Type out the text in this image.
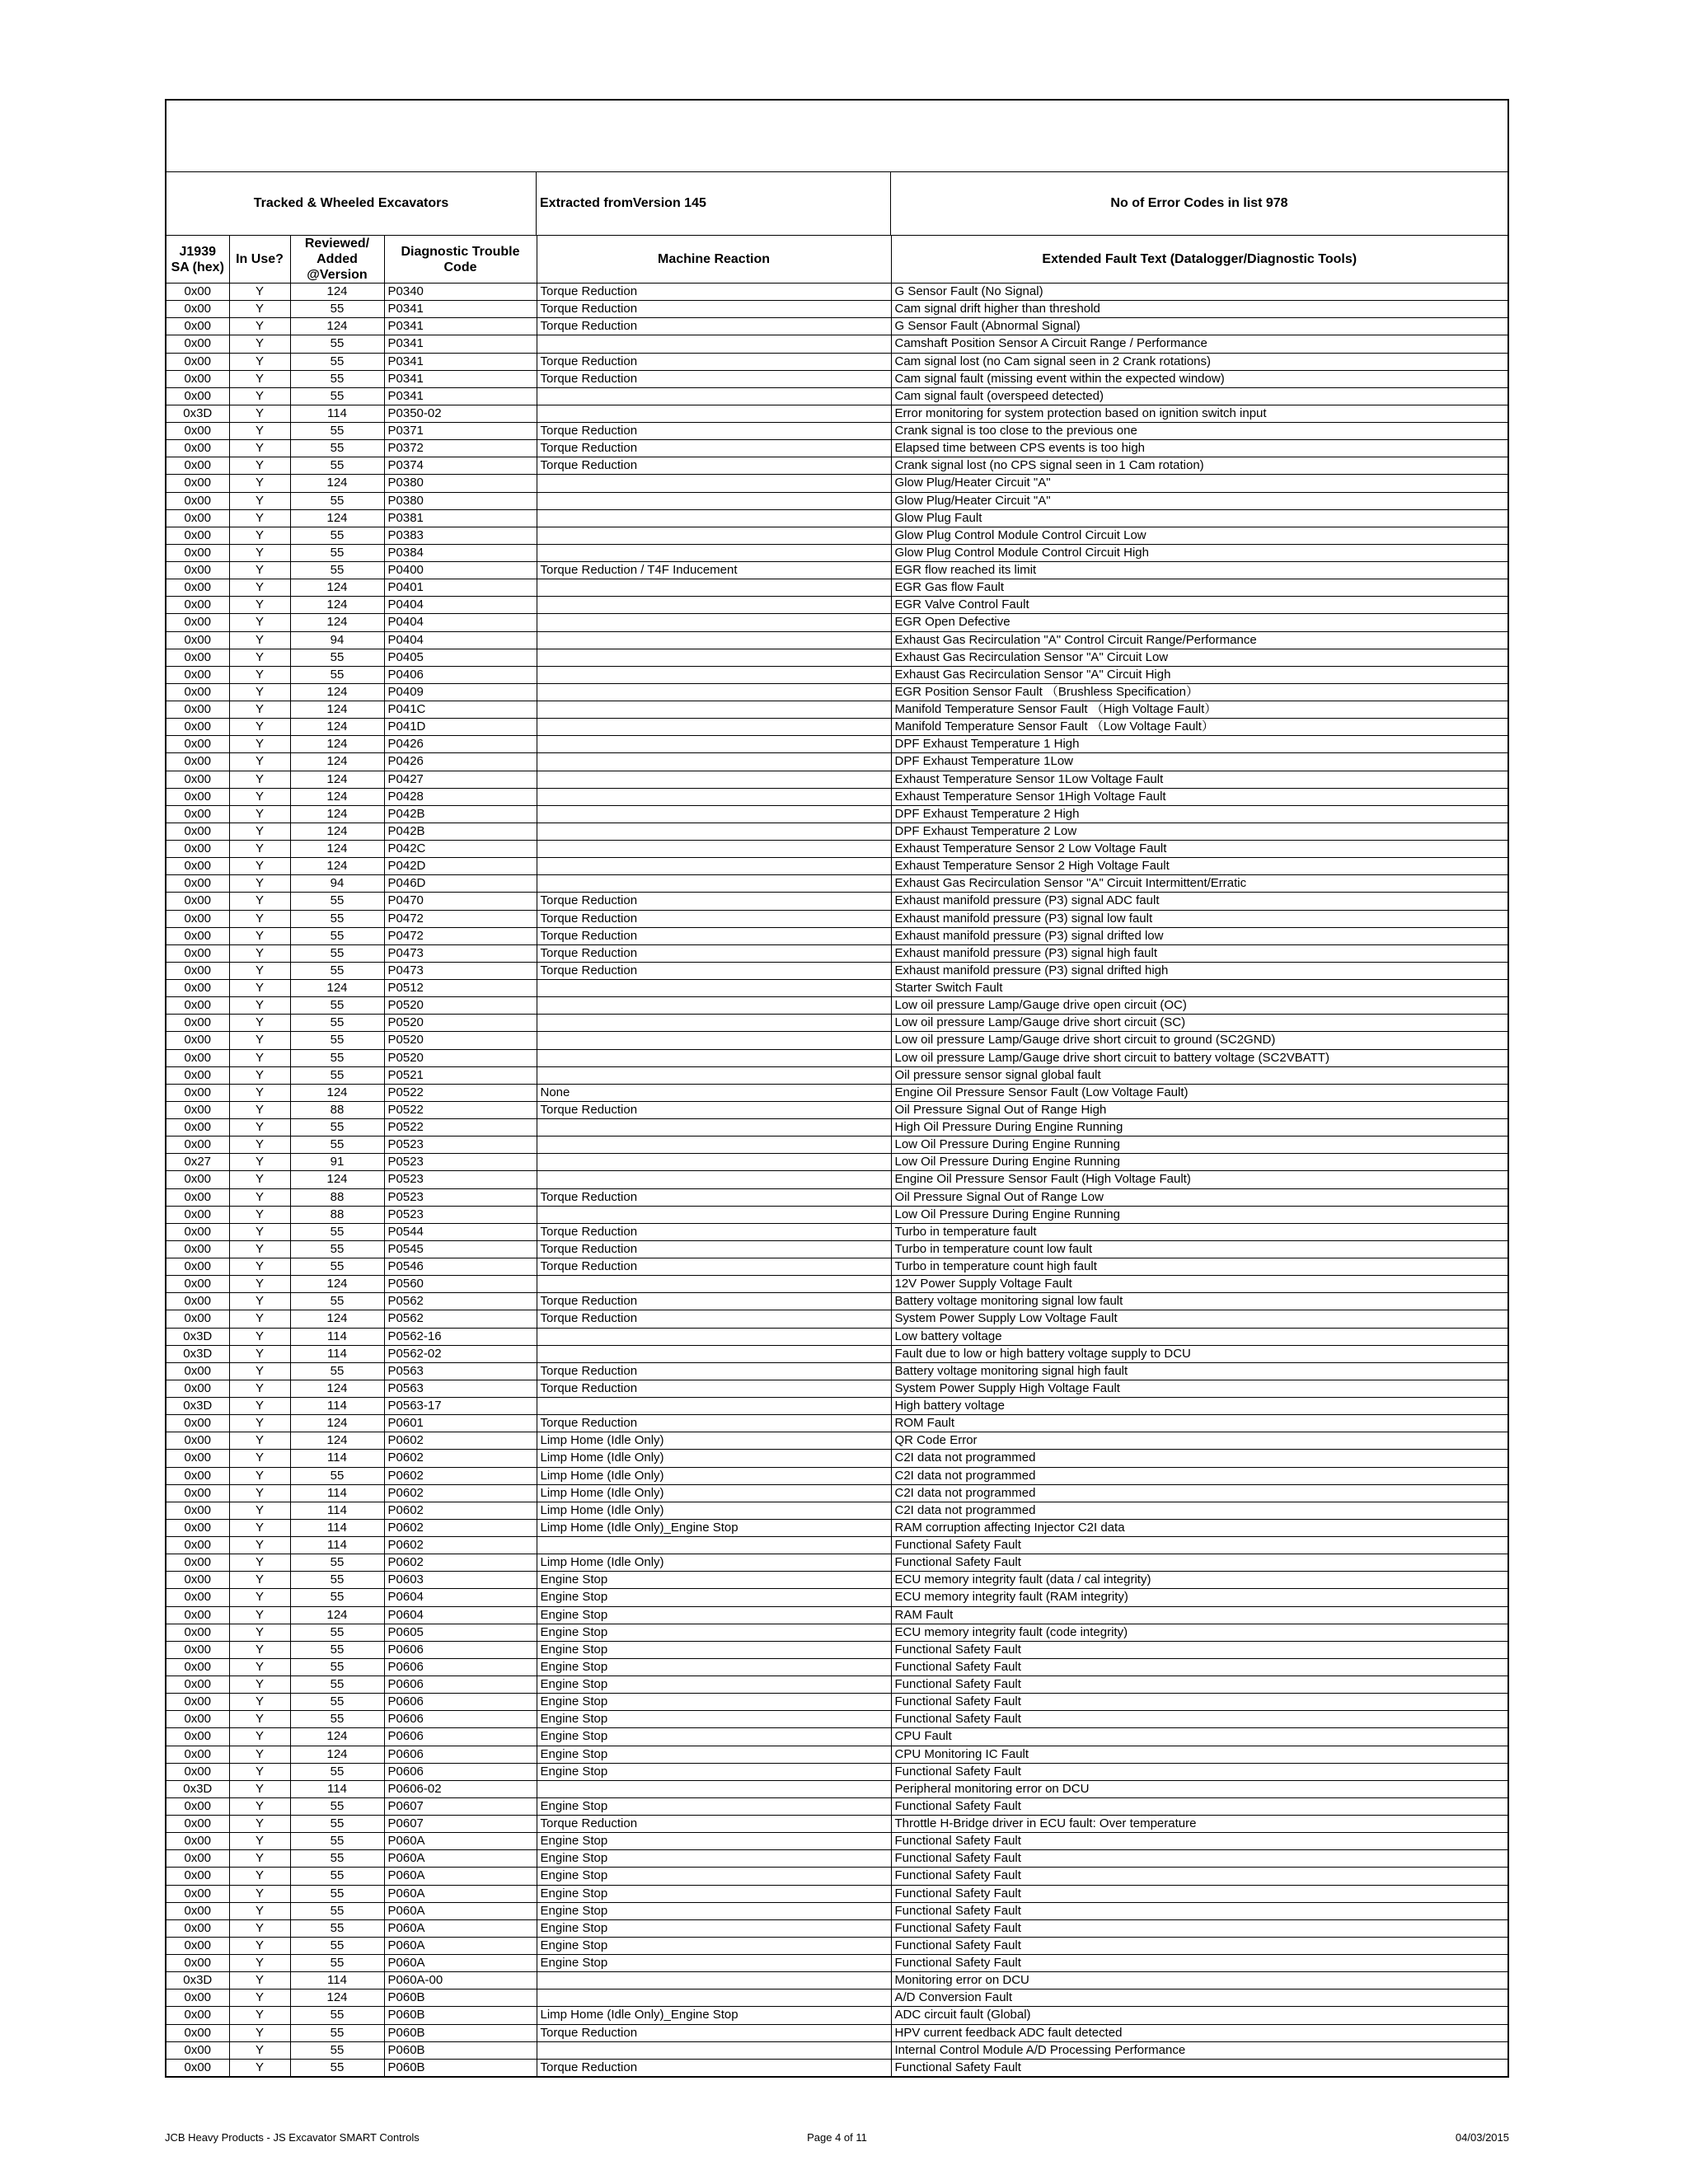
Tracked & Wheeled Excavators	Extracted fromVersion 145	No of Error Codes in list 978
J1939 SA (hex)	In Use?	Reviewed/ Added @Version	Diagnostic Trouble Code	Machine Reaction	Extended Fault Text (Datalogger/Diagnostic Tools)
0x00	Y	124	P0340	Torque Reduction	G Sensor Fault (No Signal)
0x00	Y	55	P0341	Torque Reduction	Cam signal drift higher than threshold
0x00	Y	124	P0341	Torque Reduction	G Sensor Fault (Abnormal Signal)
0x00	Y	55	P0341		Camshaft Position Sensor A Circuit Range / Performance
0x00	Y	55	P0341	Torque Reduction	Cam signal lost (no Cam signal seen in 2 Crank rotations)
0x00	Y	55	P0341	Torque Reduction	Cam signal fault (missing event within the expected window)
0x00	Y	55	P0341		Cam signal fault (overspeed detected)
0x3D	Y	114	P0350-02		Error monitoring for system protection based on ignition switch input
0x00	Y	55	P0371	Torque Reduction	Crank signal is too close to the previous one
0x00	Y	55	P0372	Torque Reduction	Elapsed time between CPS events is too high
0x00	Y	55	P0374	Torque Reduction	Crank signal lost (no CPS signal seen in 1 Cam rotation)
0x00	Y	124	P0380		Glow Plug/Heater Circuit "A"
0x00	Y	55	P0380		Glow Plug/Heater Circuit "A"
0x00	Y	124	P0381		Glow Plug Fault
0x00	Y	55	P0383		Glow Plug Control Module Control Circuit Low
0x00	Y	55	P0384		Glow Plug Control Module Control Circuit High
0x00	Y	55	P0400	Torque Reduction / T4F Inducement	EGR flow reached its limit
0x00	Y	124	P0401		EGR Gas flow Fault
0x00	Y	124	P0404		EGR Valve Control Fault
0x00	Y	124	P0404		EGR Open Defective
0x00	Y	94	P0404		Exhaust Gas Recirculation "A" Control Circuit Range/Performance
0x00	Y	55	P0405		Exhaust Gas Recirculation Sensor "A" Circuit Low
0x00	Y	55	P0406		Exhaust Gas Recirculation Sensor "A" Circuit High
0x00	Y	124	P0409		EGR Position Sensor Fault （Brushless Specification）
0x00	Y	124	P041C		Manifold Temperature Sensor Fault （High Voltage Fault）
0x00	Y	124	P041D		Manifold Temperature Sensor Fault （Low Voltage Fault）
0x00	Y	124	P0426		DPF Exhaust Temperature 1 High
0x00	Y	124	P0426		DPF Exhaust Temperature 1Low
0x00	Y	124	P0427		Exhaust Temperature Sensor 1Low Voltage Fault
0x00	Y	124	P0428		Exhaust Temperature Sensor 1High Voltage Fault
0x00	Y	124	P042B		DPF Exhaust Temperature 2 High
0x00	Y	124	P042B		DPF Exhaust Temperature 2 Low
0x00	Y	124	P042C		Exhaust Temperature Sensor 2 Low Voltage Fault
0x00	Y	124	P042D		Exhaust Temperature Sensor 2 High Voltage Fault
0x00	Y	94	P046D		Exhaust Gas Recirculation Sensor "A" Circuit Intermittent/Erratic
0x00	Y	55	P0470	Torque Reduction	Exhaust manifold pressure (P3) signal ADC fault
0x00	Y	55	P0472	Torque Reduction	Exhaust manifold pressure (P3) signal low fault
0x00	Y	55	P0472	Torque Reduction	Exhaust manifold pressure (P3) signal drifted low
0x00	Y	55	P0473	Torque Reduction	Exhaust manifold pressure (P3) signal high fault
0x00	Y	55	P0473	Torque Reduction	Exhaust manifold pressure (P3) signal drifted high
0x00	Y	124	P0512		Starter Switch Fault
0x00	Y	55	P0520		Low oil pressure Lamp/Gauge drive open circuit (OC)
0x00	Y	55	P0520		Low oil pressure Lamp/Gauge drive short circuit (SC)
0x00	Y	55	P0520		Low oil pressure Lamp/Gauge drive short circuit to ground (SC2GND)
0x00	Y	55	P0520		Low oil pressure Lamp/Gauge drive short circuit to battery voltage (SC2VBATT)
0x00	Y	55	P0521		Oil pressure sensor signal global fault
0x00	Y	124	P0522	None	Engine Oil Pressure Sensor Fault (Low Voltage Fault)
0x00	Y	88	P0522	Torque Reduction	Oil Pressure Signal Out of Range High
0x00	Y	55	P0522		High Oil Pressure During Engine Running
0x00	Y	55	P0523		Low Oil Pressure During Engine Running
0x27	Y	91	P0523		Low Oil Pressure During Engine Running
0x00	Y	124	P0523		Engine Oil Pressure Sensor Fault (High Voltage Fault)
0x00	Y	88	P0523	Torque Reduction	Oil Pressure Signal Out of Range Low
0x00	Y	88	P0523		Low Oil Pressure During Engine Running
0x00	Y	55	P0544	Torque Reduction	Turbo in temperature fault
0x00	Y	55	P0545	Torque Reduction	Turbo in temperature count low fault
0x00	Y	55	P0546	Torque Reduction	Turbo in temperature count high fault
0x00	Y	124	P0560		12V Power Supply Voltage Fault
0x00	Y	55	P0562	Torque Reduction	Battery voltage monitoring signal low fault
0x00	Y	124	P0562	Torque Reduction	System Power Supply Low Voltage Fault
0x3D	Y	114	P0562-16		Low battery voltage
0x3D	Y	114	P0562-02		Fault due to low or high battery voltage supply to DCU
0x00	Y	55	P0563	Torque Reduction	Battery voltage monitoring signal high fault
0x00	Y	124	P0563	Torque Reduction	System Power Supply High Voltage Fault
0x3D	Y	114	P0563-17		High battery voltage
0x00	Y	124	P0601	Torque Reduction	ROM Fault
0x00	Y	124	P0602	Limp Home (Idle Only)	QR Code Error
0x00	Y	114	P0602	Limp Home (Idle Only)	C2I data not programmed
0x00	Y	55	P0602	Limp Home (Idle Only)	C2I data not programmed
0x00	Y	114	P0602	Limp Home (Idle Only)	C2I data not programmed
0x00	Y	114	P0602	Limp Home (Idle Only)	C2I data not programmed
0x00	Y	114	P0602	Limp Home (Idle Only)_Engine Stop	RAM corruption affecting Injector C2I data
0x00	Y	114	P0602		Functional Safety Fault
0x00	Y	55	P0602	Limp Home (Idle Only)	Functional Safety Fault
0x00	Y	55	P0603	Engine Stop	ECU memory integrity fault (data / cal integrity)
0x00	Y	55	P0604	Engine Stop	ECU memory integrity fault (RAM integrity)
0x00	Y	124	P0604	Engine Stop	RAM Fault
0x00	Y	55	P0605	Engine Stop	ECU memory integrity fault (code integrity)
0x00	Y	55	P0606	Engine Stop	Functional Safety Fault
0x00	Y	55	P0606	Engine Stop	Functional Safety Fault
0x00	Y	55	P0606	Engine Stop	Functional Safety Fault
0x00	Y	55	P0606	Engine Stop	Functional Safety Fault
0x00	Y	55	P0606	Engine Stop	Functional Safety Fault
0x00	Y	124	P0606	Engine Stop	CPU Fault
0x00	Y	124	P0606	Engine Stop	CPU Monitoring IC Fault
0x00	Y	55	P0606	Engine Stop	Functional Safety Fault
0x3D	Y	114	P0606-02		Peripheral monitoring error on DCU
0x00	Y	55	P0607	Engine Stop	Functional Safety Fault
0x00	Y	55	P0607	Torque Reduction	Throttle H-Bridge driver in ECU fault: Over temperature
0x00	Y	55	P060A	Engine Stop	Functional Safety Fault
0x00	Y	55	P060A	Engine Stop	Functional Safety Fault
0x00	Y	55	P060A	Engine Stop	Functional Safety Fault
0x00	Y	55	P060A	Engine Stop	Functional Safety Fault
0x00	Y	55	P060A	Engine Stop	Functional Safety Fault
0x00	Y	55	P060A	Engine Stop	Functional Safety Fault
0x00	Y	55	P060A	Engine Stop	Functional Safety Fault
0x00	Y	55	P060A	Engine Stop	Functional Safety Fault
0x3D	Y	114	P060A-00		Monitoring error on DCU
0x00	Y	124	P060B		A/D Conversion Fault
0x00	Y	55	P060B	Limp Home (Idle Only)_Engine Stop	ADC circuit fault (Global)
0x00	Y	55	P060B	Torque Reduction	HPV current feedback ADC fault detected
0x00	Y	55	P060B		Internal Control Module A/D Processing Performance
0x00	Y	55	P060B	Torque Reduction	Functional Safety Fault
JCB Heavy Products - JS Excavator SMART Controls	Page 4 of 11	04/03/2015
